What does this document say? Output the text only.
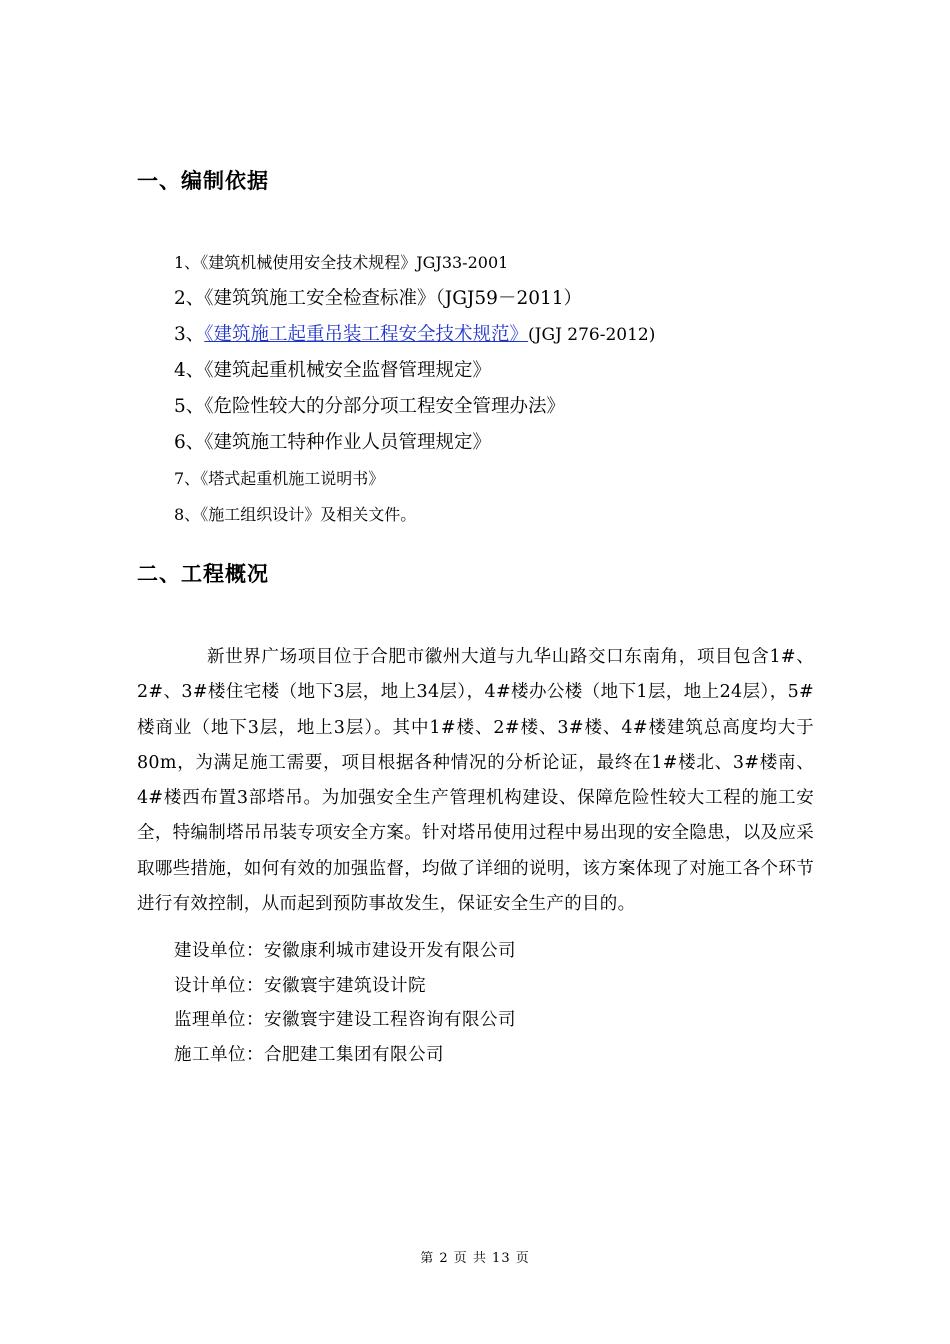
一、编制依据
1、《建筑机械使用安全技术规程》JGJ33-2001
2、《建筑筑施工安全检查标准》（JGJ59－2011）
3、《建筑施工起重吊装工程安全技术规范》(JGJ 276-2012)
4、《建筑起重机械安全监督管理规定》
5、《危险性较大的分部分项工程安全管理办法》
6、《建筑施工特种作业人员管理规定》
7、《塔式起重机施工说明书》
8、《施工组织设计》及相关文件。
二、工程概况
新世界广场项目位于合肥市徽州大道与九华山路交口东南角，项目包含1#、2#、3#楼住宅楼（地下3层，地上34层），4#楼办公楼（地下1层，地上24层），5#楼商业（地下3层，地上3层）。其中1#楼、2#楼、3#楼、4#楼建筑总高度均大于80m，为满足施工需要，项目根据各种情况的分析论证，最终在1#楼北、3#楼南、4#楼西布置3部塔吊。为加强安全生产管理机构建设、保障危险性较大工程的施工安全，特编制塔吊吊装专项安全方案。针对塔吊使用过程中易出现的安全隐患，以及应采取哪些措施，如何有效的加强监督，均做了详细的说明，该方案体现了对施工各个环节进行有效控制，从而起到预防事故发生，保证安全生产的目的。
建设单位：安徽康利城市建设开发有限公司
设计单位：安徽寰宇建筑设计院
监理单位：安徽寰宇建设工程咨询有限公司
施工单位：合肥建工集团有限公司
第 2 页 共 13 页
